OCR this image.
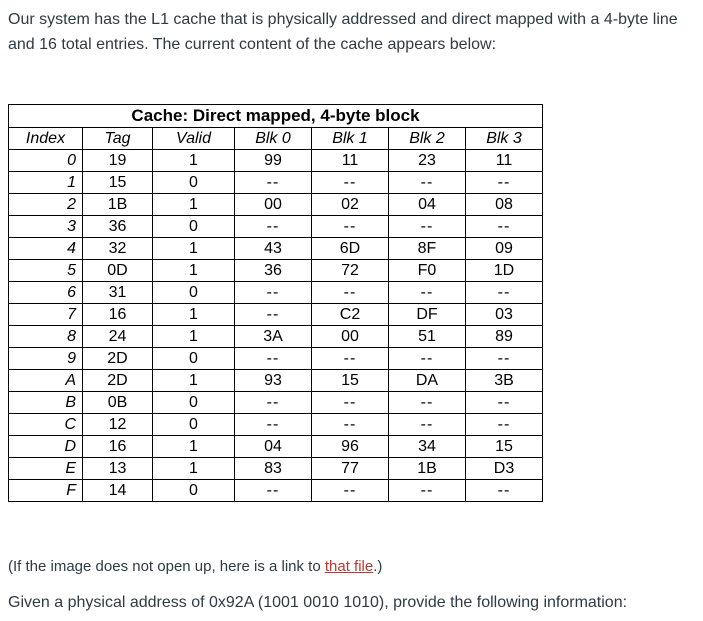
Our system has the L1 cache that is physically addressed and direct mapped with a 4-byte line and 16 total entries. The current content of the cache appears below:
Cache: Direct mapped, 4-byte block						
Index	Tag	Valid	Blk 0	Blk 1	Blk 2	Blk 3
0	19	1	99	11	23	11
1	15	0	--	--	--	--
2	1B	1	00	02	04	08
3	36	0	--	--	--	--
4	32	1	43	6D	8F	09
5	0D	1	36	72	F0	1D
6	31	0	--	--	--	--
7	16	1	--	C2	DF	03
8	24	1	3A	00	51	89
9	2D	0	--	--	--	--
A	2D	1	93	15	DA	3B
B	0B	0	--	--	--	--
C	12	0	--	--	--	--
D	16	1	04	96	34	15
E	13	1	83	77	1B	D3
F	14	0	--	--	--	--
(If the image does not open up, here is a link to that file.)
Given a physical address of 0x92A (1001 0010 1010), provide the following information:
